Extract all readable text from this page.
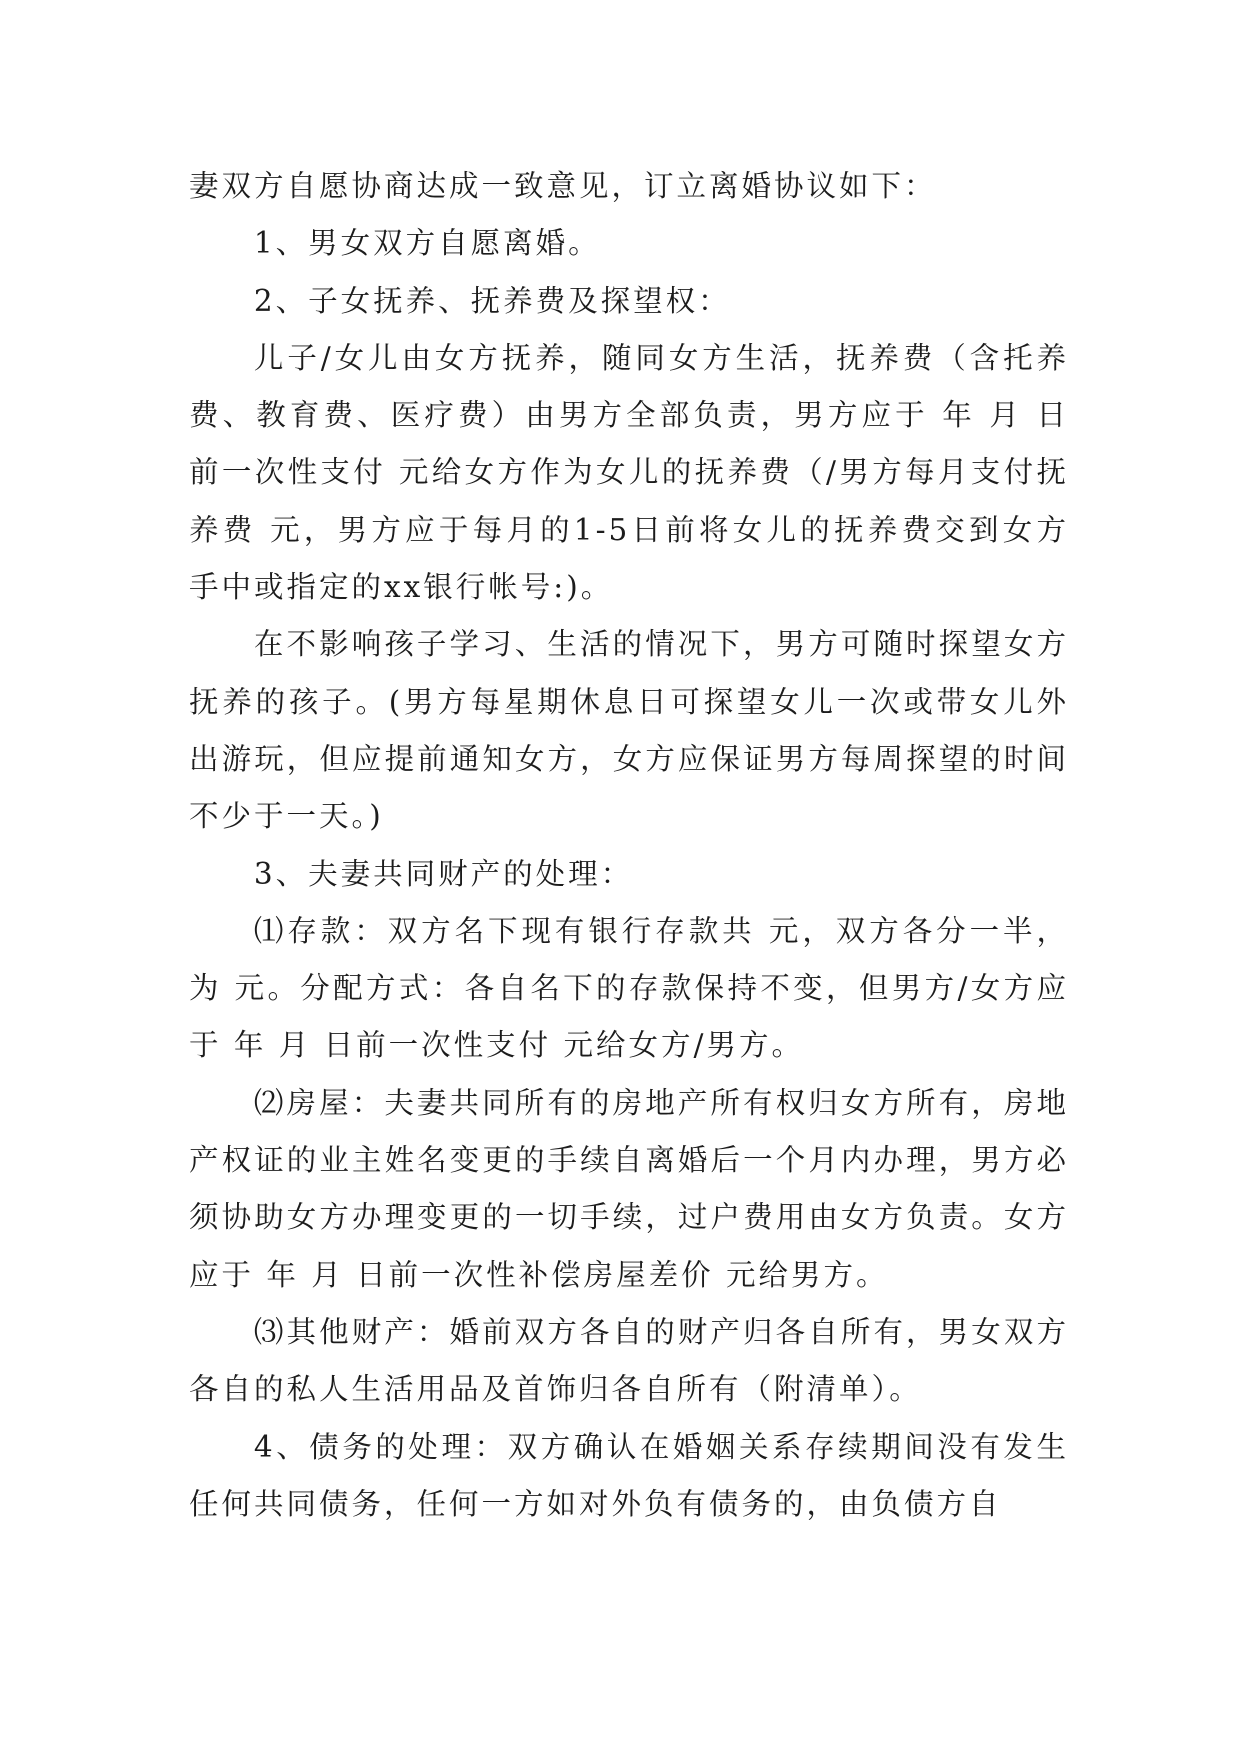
妻双方自愿协商达成一致意见，订立离婚协议如下：

1、男女双方自愿离婚。

2、子女抚养、抚养费及探望权：

儿子/女儿由女方抚养，随同女方生活，抚养费（含托养费、教育费、医疗费）由男方全部负责，男方应于 年 月 日前一次性支付 元给女方作为女儿的抚养费（/男方每月支付抚养费 元，男方应于每月的1-5日前将女儿的抚养费交到女方手中或指定的xx银行帐号:)。

在不影响孩子学习、生活的情况下，男方可随时探望女方抚养的孩子。(男方每星期休息日可探望女儿一次或带女儿外出游玩，但应提前通知女方，女方应保证男方每周探望的时间不少于一天。)

3、夫妻共同财产的处理：

⑴存款：双方名下现有银行存款共 元，双方各分一半，为 元。分配方式：各自名下的存款保持不变，但男方/女方应于 年 月 日前一次性支付 元给女方/男方。

⑵房屋：夫妻共同所有的房地产所有权归女方所有，房地产权证的业主姓名变更的手续自离婚后一个月内办理，男方必须协助女方办理变更的一切手续，过户费用由女方负责。女方应于 年 月 日前一次性补偿房屋差价 元给男方。

⑶其他财产：婚前双方各自的财产归各自所有，男女双方各自的私人生活用品及首饰归各自所有（附清单）。

4、债务的处理：双方确认在婚姻关系存续期间没有发生任何共同债务，任何一方如对外负有债务的，由负债方自
